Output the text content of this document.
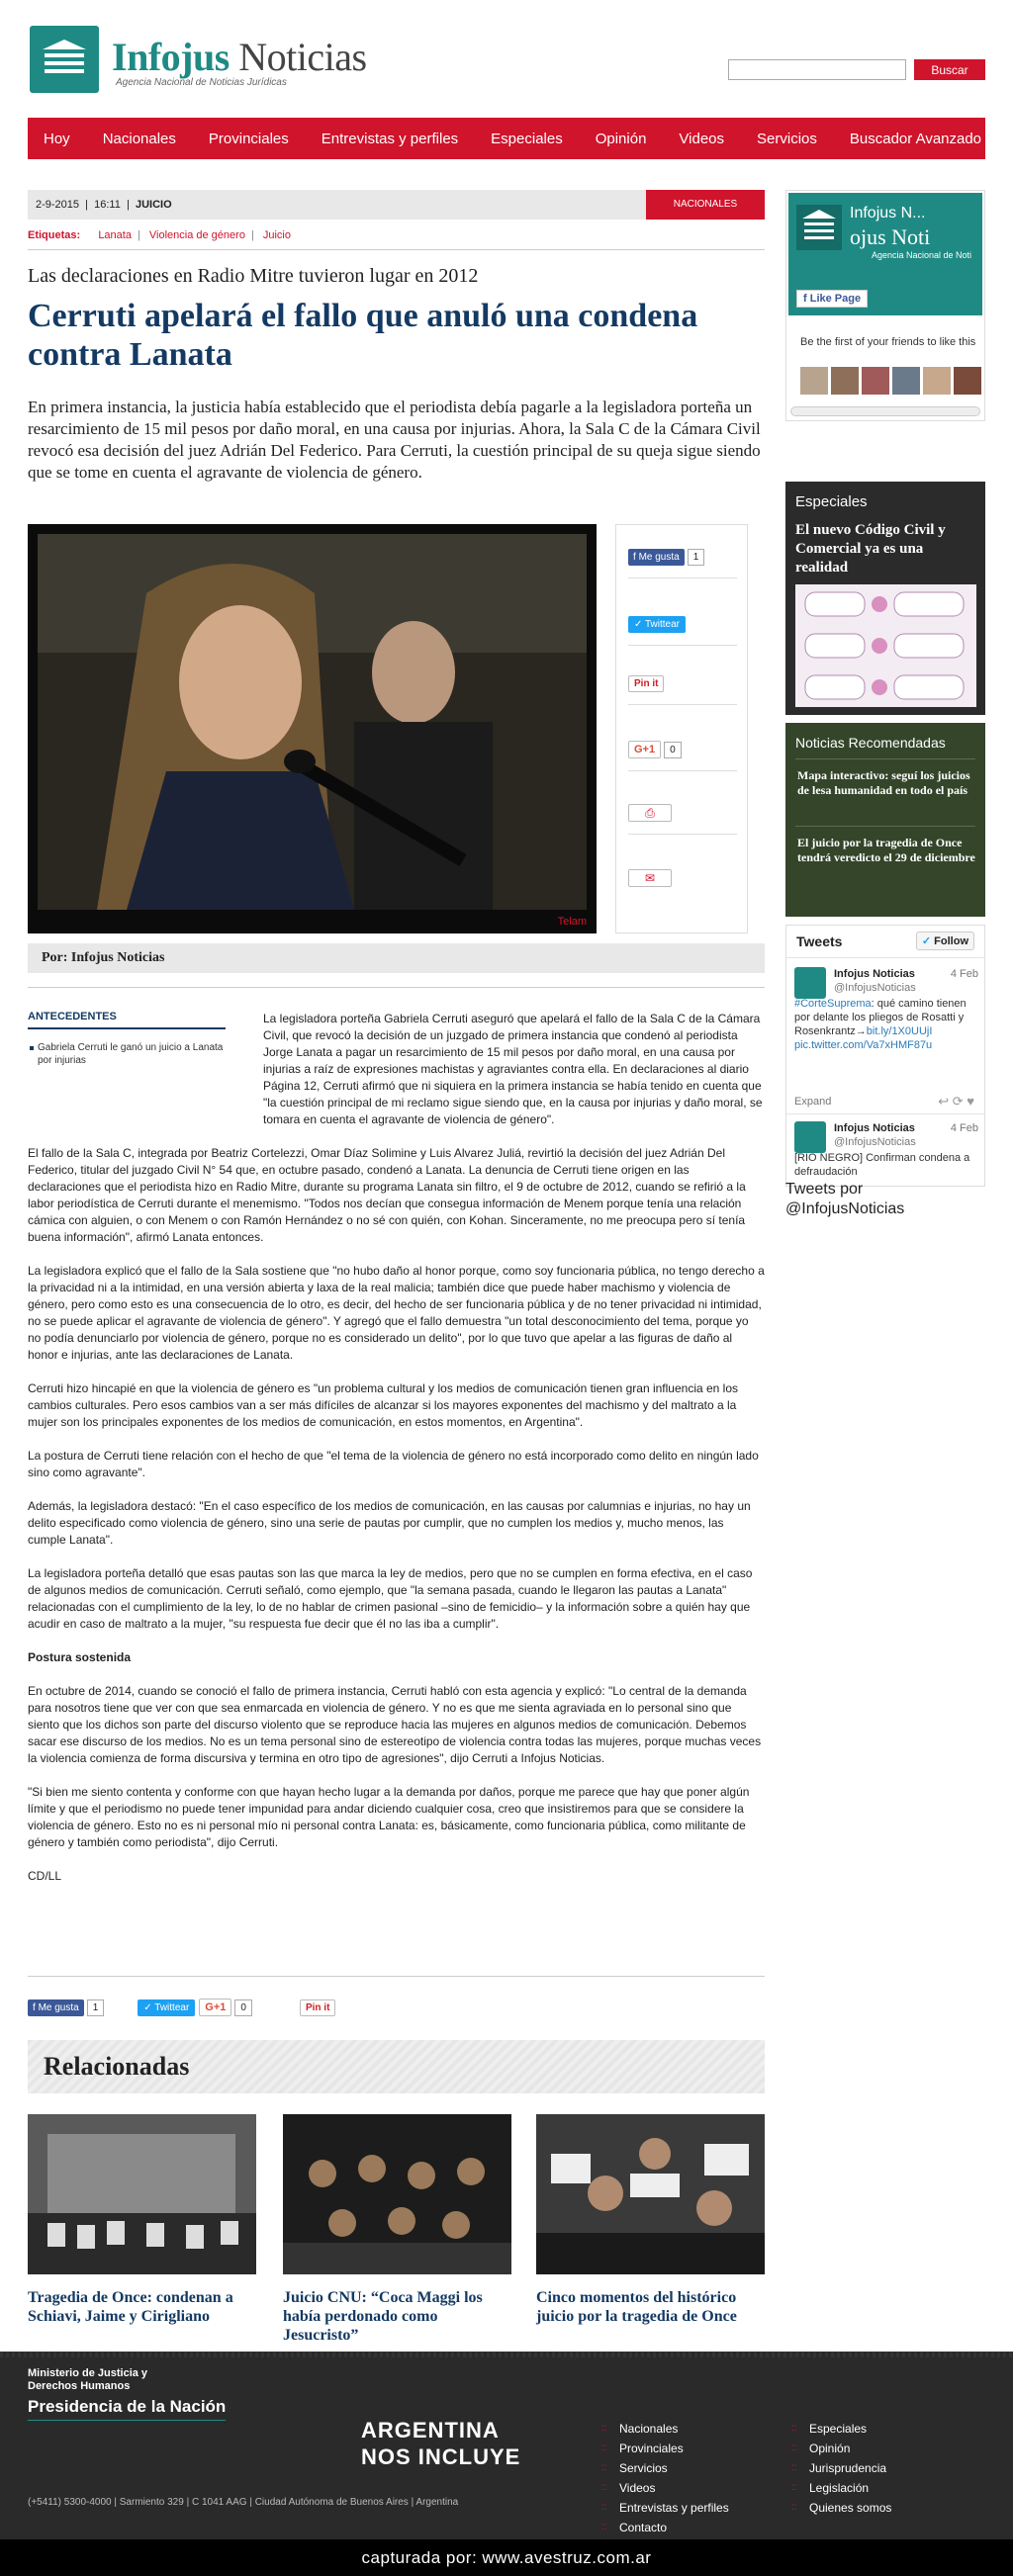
Infojus Noticias
Agencia Nacional de Noticias Jurídicas
Buscar
Hoy Nacionales Provinciales Entrevistas y perfiles Especiales Opinión Videos Servicios Buscador Avanzado
2-9-2015  |  16:11  |  JUICIO	NACIONALES
Etiquetas: Lanata | Violencia de género | Juicio
Las declaraciones en Radio Mitre tuvieron lugar en 2012
Cerruti apelará el fallo que anuló una condena contra Lanata
En primera instancia, la justicia había establecido que el periodista debía pagarle a la legisladora porteña un resarcimiento de 15 mil pesos por daño moral, en una causa por injurias. Ahora, la Sala C de la Cámara Civil revocó esa decisión del juez Adrián Del Federico. Para Cerruti, la cuestión principal de su queja sigue siendo que se tome en cuenta el agravante de violencia de género.
Telam
f Me gusta 1
✓ Twittear
Pin it
G+1 0
⎙
✉
Por: Infojus Noticias

La legisladora porteña Gabriela Cerruti aseguró que apelará el fallo de la Sala C de la Cámara Civil, que revocó la decisión de un juzgado de primera instancia que condenó al periodista Jorge Lanata a pagar un resarcimiento de 15 mil pesos por daño moral, en una causa por injurias a raíz de expresiones machistas y agraviantes contra ella. En declaraciones al diario Página 12, Cerruti afirmó que ni siquiera en la primera instancia se había tenido en cuenta que "la cuestión principal de mi reclamo sigue siendo que, en la causa por injurias y daño moral, se tomara en cuenta el agravante de violencia de género".

El fallo de la Sala C, integrada por Beatriz Cortelezzi, Omar Díaz Solimine y Luis Alvarez Juliá, revirtió la decisión del juez Adrián Del Federico, titular del juzgado Civil N° 54 que, en octubre pasado, condenó a Lanata. La denuncia de Cerruti tiene origen en las declaraciones que el periodista hizo en Radio Mitre, durante su programa Lanata sin filtro, el 9 de octubre de 2012, cuando se refirió a la labor periodística de Cerruti durante el menemismo. "Todos nos decían que consegua información de Menem porque tenía una relación cámica con alguien, o con Menem o con Ramón Hernández o no sé con quién, con Kohan. Sinceramente, no me preocupa pero sí tenía buena información", afirmó Lanata entonces.

La legisladora explicó que el fallo de la Sala sostiene que "no hubo daño al honor porque, como soy funcionaria pública, no tengo derecho a la privacidad ni a la intimidad, en una versión abierta y laxa de la real malicia; también dice que puede haber machismo y violencia de género, pero como esto es una consecuencia de lo otro, es decir, del hecho de ser funcionaria pública y de no tener privacidad ni intimidad, no se puede aplicar el agravante de violencia de género". Y agregó que el fallo demuestra "un total desconocimiento del tema, porque yo no podía denunciarlo por violencia de género, porque no es considerado un delito", por lo que tuvo que apelar a las figuras de daño al honor e injurias, ante las declaraciones de Lanata.

Cerruti hizo hincapié en que la violencia de género es "un problema cultural y los medios de comunicación tienen gran influencia en los cambios culturales. Pero esos cambios van a ser más difíciles de alcanzar si los mayores exponentes del machismo y del maltrato a la mujer son los principales exponentes de los medios de comunicación, en estos momentos, en Argentina".

La postura de Cerruti tiene relación con el hecho de que "el tema de la violencia de género no está incorporado como delito en ningún lado sino como agravante".

Además, la legisladora destacó: "En el caso específico de los medios de comunicación, en las causas por calumnias e injurias, no hay un delito especificado como violencia de género, sino una serie de pautas por cumplir, que no cumplen los medios y, mucho menos, las cumple Lanata".

La legisladora porteña detalló que esas pautas son las que marca la ley de medios, pero que no se cumplen en forma efectiva, en el caso de algunos medios de comunicación. Cerruti señaló, como ejemplo, que "la semana pasada, cuando le llegaron las pautas a Lanata" relacionadas con el cumplimiento de la ley, lo de no hablar de crimen pasional –sino de femicidio– y la información sobre a quién hay que acudir en caso de maltrato a la mujer, "su respuesta fue decir que él no las iba a cumplir".

Postura sostenida

En octubre de 2014, cuando se conoció el fallo de primera instancia, Cerruti habló con esta agencia y explicó: "Lo central de la demanda para nosotros tiene que ver con que sea enmarcada en violencia de género. Y no es que me sienta agraviada en lo personal sino que siento que los dichos son parte del discurso violento que se reproduce hacia las mujeres en algunos medios de comunicación. Debemos sacar ese discurso de los medios. No es un tema personal sino de estereotipo de violencia contra todas las mujeres, porque muchas veces la violencia comienza de forma discursiva y termina en otro tipo de agresiones", dijo Cerruti a Infojus Noticias.

"Si bien me siento contenta y conforme con que hayan hecho lugar a la demanda por daños, porque me parece que hay que poner algún límite y que el periodismo no puede tener impunidad para andar diciendo cualquier cosa, creo que insistiremos para que se considere la violencia de género. Esto no es ni personal mío ni personal contra Lanata: es, básicamente, como funcionaria pública, como militante de género y también como periodista", dijo Cerruti.

CD/LL

ANTECEDENTES
Gabriela Cerruti le ganó un juicio a Lanata por injurias
f Me gusta	1	✓ Twittear	G+1	0	Pin it
Relacionadas
Tragedia de Once: condenan a Schiavi, Jaime y Cirigliano
Juicio CNU: “Coca Maggi los había perdonado como Jesucristo”
Cinco momentos del histórico juicio por la tragedia de Once
Infojus N...
ojus Noti
Agencia Nacional de Noti
f Like Page
Be the first of your friends to like this
Especiales
El nuevo Código Civil y Comercial ya es una realidad
Noticias Recomendadas
Mapa interactivo: seguí los juicios de lesa humanidad en todo el país
El juicio por la tragedia de Once tendrá veredicto el 29 de diciembre
Tweets	✓ Follow
Infojus Noticias
@InfojusNoticias
4 Feb
#CorteSuprema: qué camino tienen por delante los pliegos de Rosatti y Rosenkrantz→bit.ly/1X0UUjI pic.twitter.com/Va7xHMF87u
Expand	↩ ⟳ ♥
Infojus Noticias
@InfojusNoticias
4 Feb
[RIO NEGRO] Confirman condena a defraudación
Tweets por @InfojusNoticias
Ministerio de Justicia y Derechos Humanos
Presidencia de la Nación
ARGENTINA
NOS INCLUYE
(+5411) 5300-4000 | Sarmiento 329 | C 1041 AAG | Ciudad Autónoma de Buenos Aires | Argentina
:: Nacionales
:: Provinciales
:: Servicios
:: Videos
:: Entrevistas y perfiles
:: Contacto
:: Especiales
:: Opinión
:: Jurisprudencia
:: Legislación
:: Quienes somos
capturada por: www.avestruz.com.ar
